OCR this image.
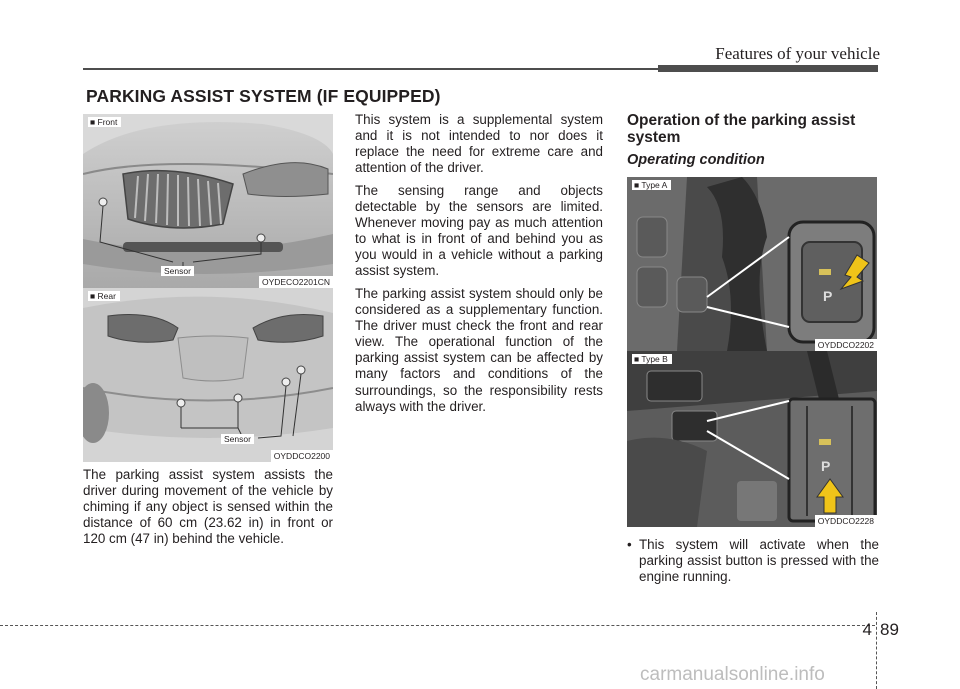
Features of your vehicle
PARKING ASSIST SYSTEM (IF EQUIPPED)
■ Front
Sensor
OYDECO2201CN
■ Rear
Sensor
OYDDCO2200
The parking assist system assists the driver during movement of the vehicle by chiming if any object is sensed within the distance of 60 cm (23.62 in) in front or 120 cm (47 in) behind the vehicle.
This system is a supplemental system and it is not intended to nor does it replace the need for extreme care and attention of the driver.
The sensing range and objects detectable by the sensors are limited. Whenever moving pay as much attention to what is in front of and behind you as you would in a vehicle without a parking assist system.
The parking assist system should only be considered as a supplementary function. The driver must check the front and rear view. The operational function of the parking assist system can be affected by many factors and conditions of the surroundings, so the responsibility rests always with the driver.
Operation of the parking assist system
Operating condition
P
■ Type A
OYDDCO2202
P
■ Type B
OYDDCO2228
• This system will activate when the parking assist button is pressed with the engine running.
4 89
carmanualsonline.info
